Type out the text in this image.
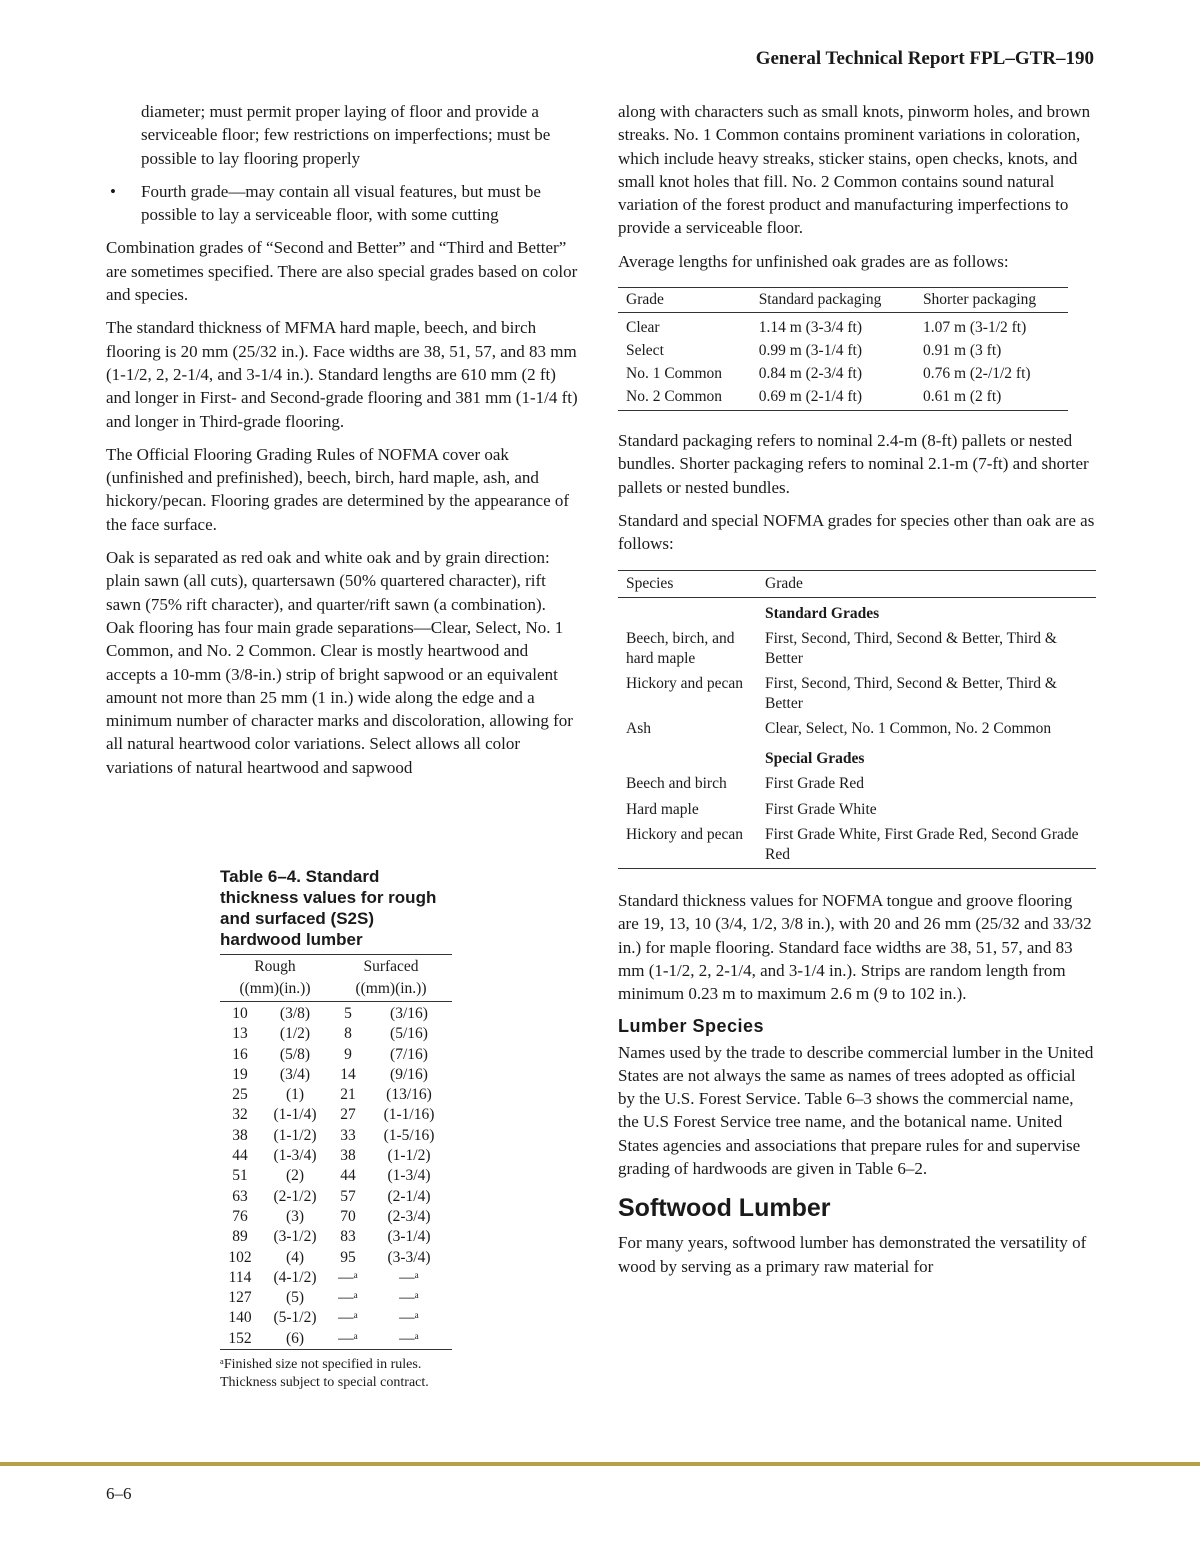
General Technical Report FPL–GTR–190

diameter; must permit proper laying of floor and provide a serviceable floor; few restrictions on imperfections; must be possible to lay flooring properly

• Fourth grade—may contain all visual features, but must be possible to lay a serviceable floor, with some cutting

Combination grades of “Second and Better” and “Third and Better” are sometimes specified. There are also special grades based on color and species.

The standard thickness of MFMA hard maple, beech, and birch flooring is 20 mm (25/32 in.). Face widths are 38, 51, 57, and 83 mm (1-1/2, 2, 2-1/4, and 3-1/4 in.). Standard lengths are 610 mm (2 ft) and longer in First- and Second-grade flooring and 381 mm (1-1/4 ft) and longer in Third-grade flooring.

The Official Flooring Grading Rules of NOFMA cover oak (unfinished and prefinished), beech, birch, hard maple, ash, and hickory/pecan. Flooring grades are determined by the appearance of the face surface.

Oak is separated as red oak and white oak and by grain direction: plain sawn (all cuts), quartersawn (50% quartered character), rift sawn (75% rift character), and quarter/rift sawn (a combination). Oak flooring has four main grade separations—Clear, Select, No. 1 Common, and No. 2 Common. Clear is mostly heartwood and accepts a 10-mm (3/8-in.) strip of bright sapwood or an equivalent amount not more than 25 mm (1 in.) wide along the edge and a minimum number of character marks and discoloration, allowing for all natural heartwood color variations. Select allows all color variations of natural heartwood and sapwood

Table 6–4. Standard thickness values for rough and surfaced (S2S) hardwood lumber
Rough		Surfaced	
((mm)(in.))		((mm)(in.))	
10	(3/8)	5	(3/16)
13	(1/2)	8	(5/16)
16	(5/8)	9	(7/16)
19	(3/4)	14	(9/16)
25	(1)	21	(13/16)
32	(1-1/4)	27	(1-1/16)
38	(1-1/2)	33	(1-5/16)
44	(1-3/4)	38	(1-1/2)
51	(2)	44	(1-3/4)
63	(2-1/2)	57	(2-1/4)
76	(3)	70	(2-3/4)
89	(3-1/2)	83	(3-1/4)
102	(4)	95	(3-3/4)
114	(4-1/2)	—ᵃ	—ᵃ
127	(5)	—ᵃ	—ᵃ
140	(5-1/2)	—ᵃ	—ᵃ
152	(6)	—ᵃ	—ᵃ
ᵃFinished size not specified in rules. Thickness subject to special contract.

along with characters such as small knots, pinworm holes, and brown streaks. No. 1 Common contains prominent variations in coloration, which include heavy streaks, sticker stains, open checks, knots, and small knot holes that fill. No. 2 Common contains sound natural variation of the forest product and manufacturing imperfections to provide a serviceable floor.

Average lengths for unfinished oak grades are as follows:

Grade	Standard packaging	Shorter packaging
Clear	1.14 m (3-3/4 ft)	1.07 m (3-1/2 ft)
Select	0.99 m (3-1/4 ft)	0.91 m (3 ft)
No. 1 Common	0.84 m (2-3/4 ft)	0.76 m (2-/1/2 ft)
No. 2 Common	0.69 m (2-1/4 ft)	0.61 m (2 ft)

Standard packaging refers to nominal 2.4-m (8-ft) pallets or nested bundles. Shorter packaging refers to nominal 2.1-m (7-ft) and shorter pallets or nested bundles.

Standard and special NOFMA grades for species other than oak are as follows:

Species	Grade
	Standard Grades
Beech, birch, and hard maple	First, Second, Third, Second & Better, Third & Better
Hickory and pecan	First, Second, Third, Second & Better, Third & Better
Ash	Clear, Select, No. 1 Common, No. 2 Common
	Special Grades
Beech and birch	First Grade Red
Hard maple	First Grade White
Hickory and pecan	First Grade White, First Grade Red, Second Grade Red

Standard thickness values for NOFMA tongue and groove flooring are 19, 13, 10 (3/4, 1/2, 3/8 in.), with 20 and 26 mm (25/32 and 33/32 in.) for maple flooring. Standard face widths are 38, 51, 57, and 83 mm (1-1/2, 2, 2-1/4, and 3-1/4 in.). Strips are random length from minimum 0.23 m to maximum 2.6 m (9 to 102 in.).

Lumber Species

Names used by the trade to describe commercial lumber in the United States are not always the same as names of trees adopted as official by the U.S. Forest Service. Table 6–3 shows the commercial name, the U.S Forest Service tree name, and the botanical name. United States agencies and associations that prepare rules for and supervise grading of hardwoods are given in Table 6–2.

Softwood Lumber

For many years, softwood lumber has demonstrated the versatility of wood by serving as a primary raw material for

6–6
